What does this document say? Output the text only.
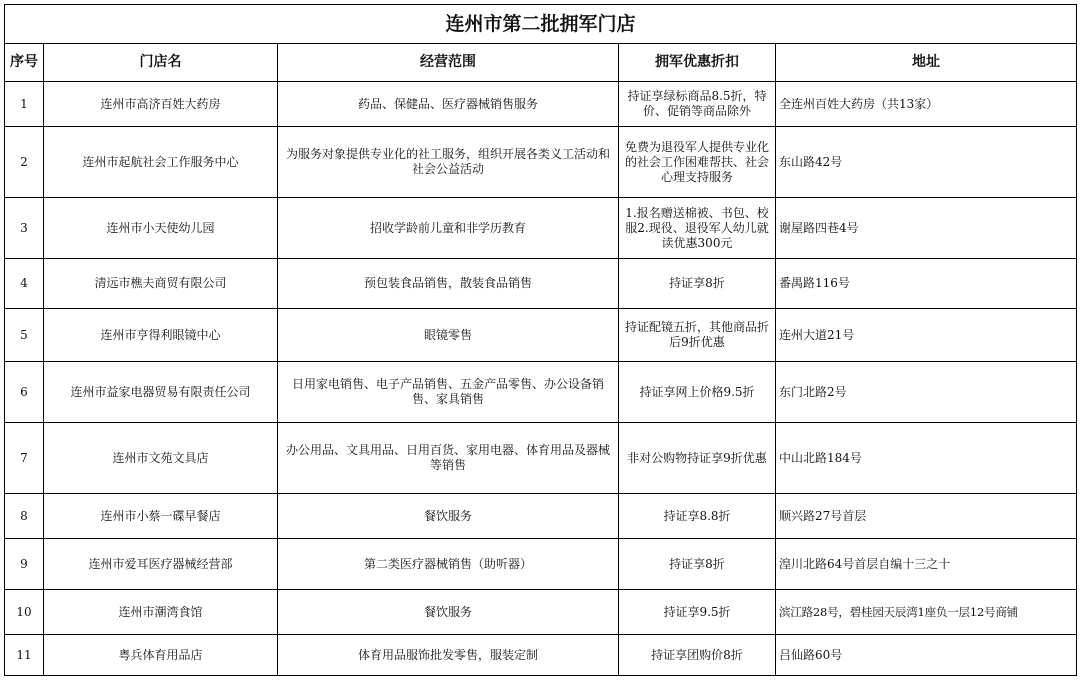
连州市第二批拥军门店				
序号	门店名	经营范围	拥军优惠折扣	地址
1	连州市高济百姓大药房	药品、保健品、医疗器械销售服务	持证享绿标商品8.5折，特价、促销等商品除外	全连州百姓大药房（共13家）
2	连州市起航社会工作服务中心	为服务对象提供专业化的社工服务，组织开展各类义工活动和社会公益活动	免费为退役军人提供专业化的社会工作困难帮扶、社会心理支持服务	东山路42号
3	连州市小天使幼儿园	招收学龄前儿童和非学历教育	1.报名赠送棉被、书包、校服2.现役、退役军人幼儿就读优惠300元	谢屋路四巷4号
4	清远市樵夫商贸有限公司	预包装食品销售，散装食品销售	持证享8折	番禺路116号
5	连州市亨得利眼镜中心	眼镜零售	持证配镜五折，其他商品折后9折优惠	连州大道21号
6	连州市益家电器贸易有限责任公司	日用家电销售、电子产品销售、五金产品零售、办公设备销售、家具销售	持证享网上价格9.5折	东门北路2号
7	连州市文苑文具店	办公用品、文具用品、日用百货、家用电器、体育用品及器械等销售	非对公购物持证享9折优惠	中山北路184号
8	连州市小蔡一碟早餐店	餐饮服务	持证享8.8折	顺兴路27号首层
9	连州市爱耳医疗器械经营部	第二类医疗器械销售（助听器）	持证享8折	湟川北路64号首层自编十三之十
10	连州市潮湾食馆	餐饮服务	持证享9.5折	滨江路28号，碧桂园天辰湾1座负一层12号商铺
11	粤兵体育用品店	体育用品服饰批发零售，服装定制	持证享团购价8折	吕仙路60号
